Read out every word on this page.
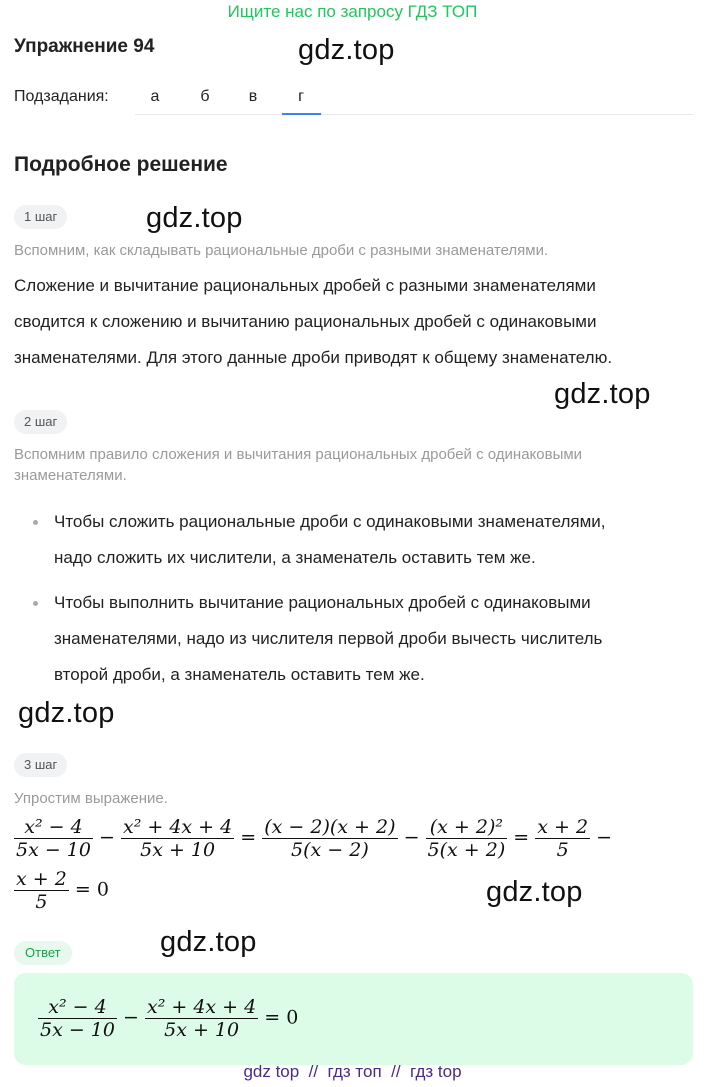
Ищите нас по запросу ГДЗ ТОП
Упражнение 94	gdz.top
Подзадания:	а	б	в	г
Подробное решение
1 шаг	gdz.top
Вспомним, как складывать рациональные дроби с разными знаменателями.
Сложение и вычитание рациональных дробей с разными знаменателями
сводится к сложению и вычитанию рациональных дробей с одинаковыми
знаменателями. Для этого данные дроби приводят к общему знаменателю.
gdz.top
2 шаг
Вспомним правило сложения и вычитания рациональных дробей с одинаковыми
знаменателями.
Чтобы сложить рациональные дроби с одинаковыми знаменателями,
надо сложить их числители, а знаменатель оставить тем же.
Чтобы выполнить вычитание рациональных дробей с одинаковыми
знаменателями, надо из числителя первой дроби вычесть числитель
второй дроби, а знаменатель оставить тем же.
gdz.top
3 шаг
Упростим выражение.
$\frac{\text{x² − 4}}{5x - 10} - \frac{\text{x² + 4x + 4}}{5x + 10} = \frac{(x - 2)(x + 2)}{5(x - 2)} - \frac{\text{(x + 2)²}}{5(x + 2)} = \frac{x + 2}{5}$ −
$\frac{x + 2}{5} = 0$	gdz.top
Ответ	gdz.top
$\frac{\text{x² − 4}}{5x - 10} - \frac{\text{x² + 4x + 4}}{5x + 10} = 0$
gdz top  //  гдз топ  //  гдз top
